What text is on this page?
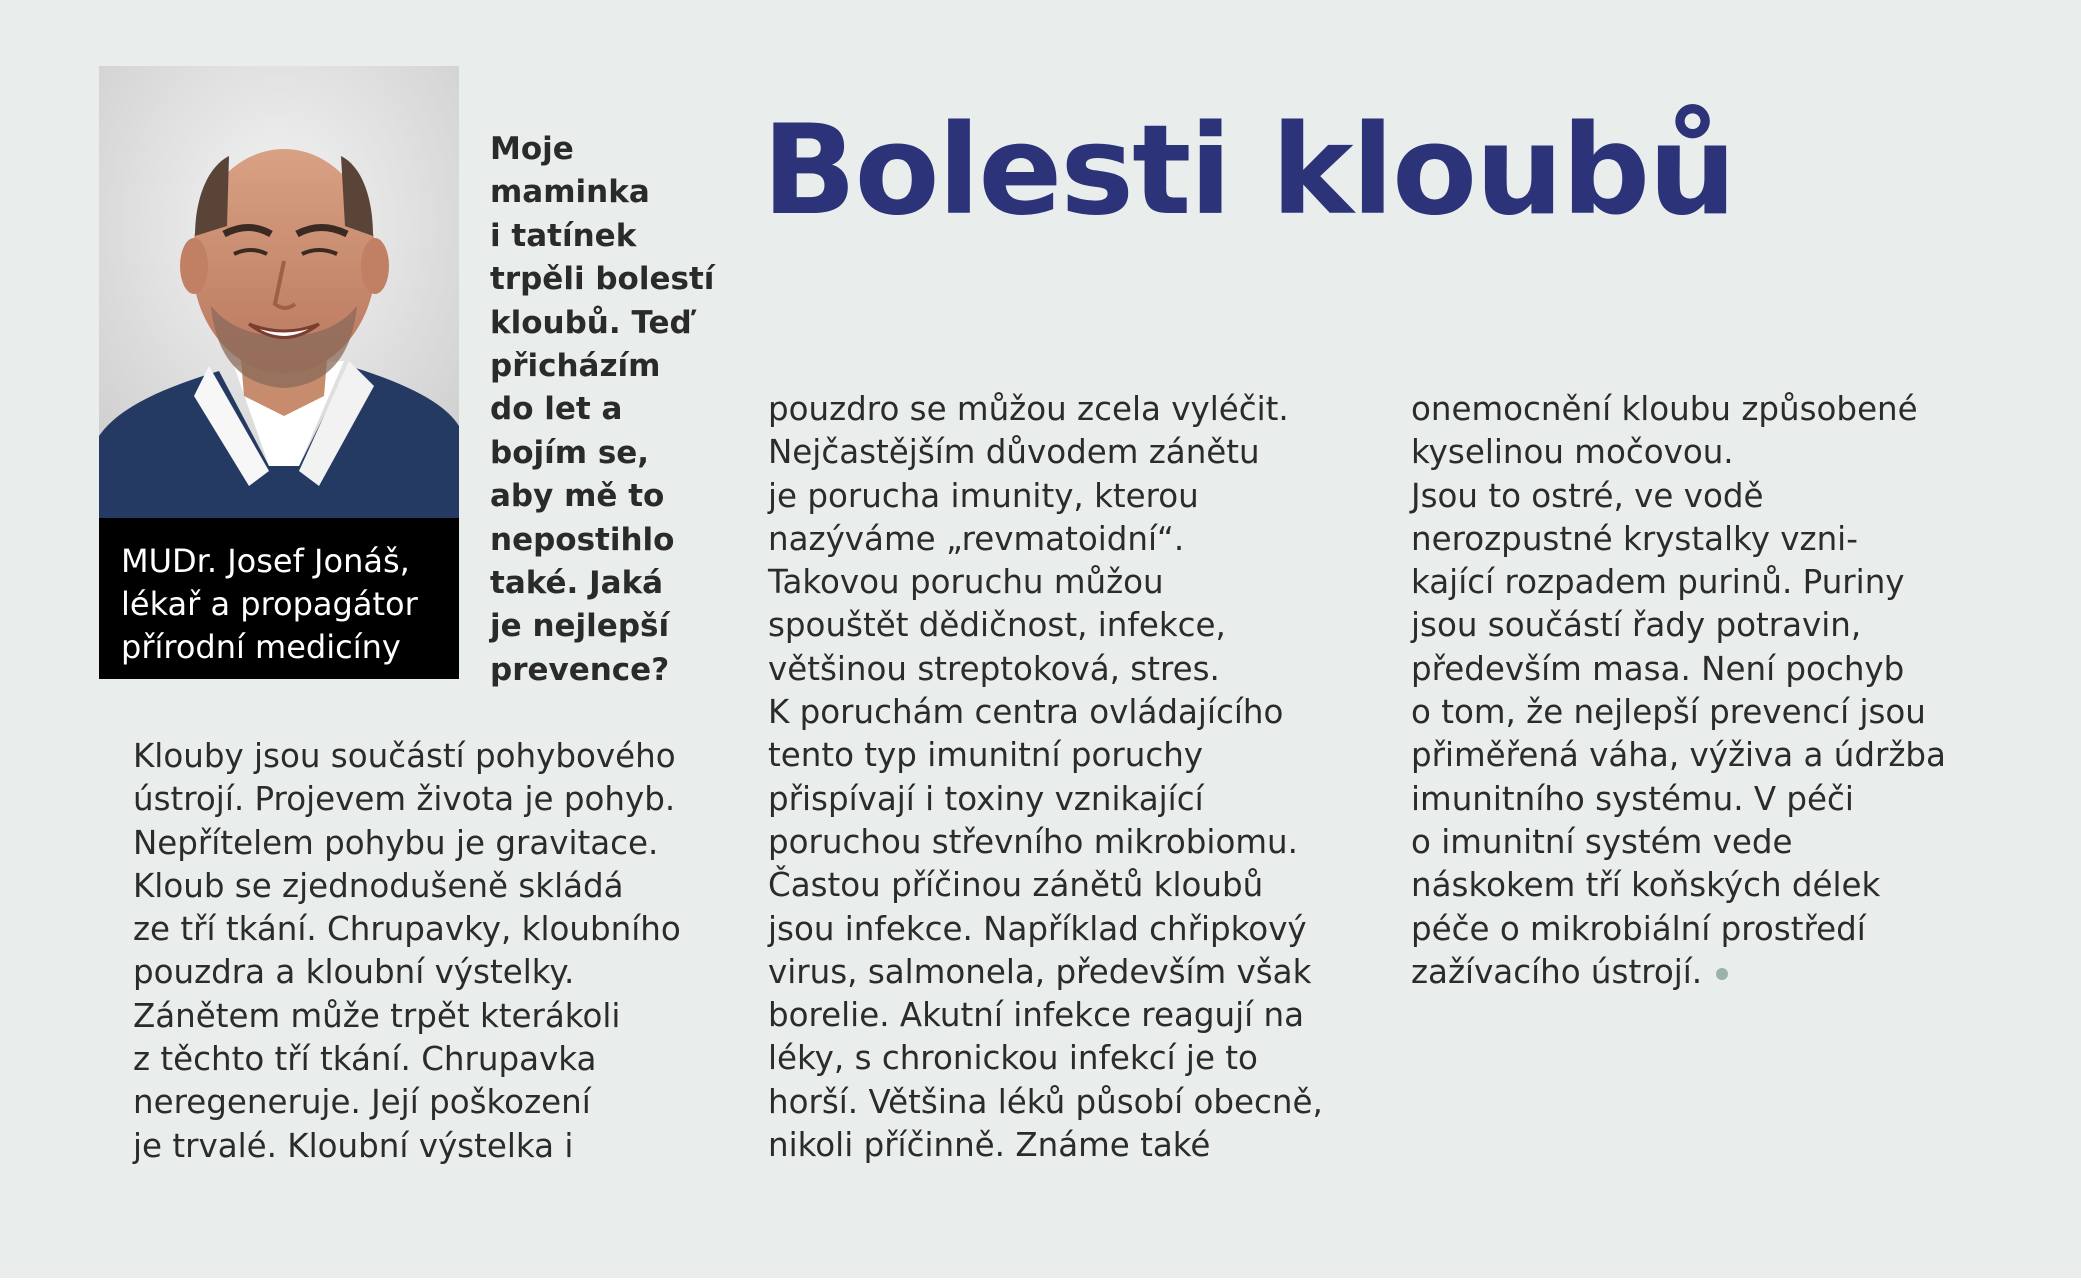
MUDr. Josef Jonáš,
lékař a propagátor
přírodní medicíny
Moje
maminka
i tatínek
trpěli bolestí
kloubů. Teď
přicházím
do let a
bojím se,
aby mě to
nepostihlo
také. Jaká
je nejlepší
prevence?
Bolesti kloubů
Klouby jsou součástí pohybového
ústrojí. Projevem života je pohyb.
Nepřítelem pohybu je gravitace.
Kloub se zjednodušeně skládá
ze tří tkání. Chrupavky, kloubního
pouzdra a kloubní výstelky.
Zánětem může trpět kterákoli
z těchto tří tkání. Chrupavka
neregeneruje. Její poškození
je trvalé. Kloubní výstelka i
pouzdro se můžou zcela vyléčit.
Nejčastějším důvodem zánětu
je porucha imunity, kterou
nazýváme „revmatoidní“.
Takovou poruchu můžou
spouštět dědičnost, infekce,
většinou streptoková, stres.
K poruchám centra ovládajícího
tento typ imunitní poruchy
přispívají i toxiny vznikající
poruchou střevního mikrobiomu.
Častou příčinou zánětů kloubů
jsou infekce. Například chřipkový
virus, salmonela, především však
borelie. Akutní infekce reagují na
léky, s chronickou infekcí je to
horší. Většina léků působí obecně,
nikoli příčinně. Známe také
onemocnění kloubu způsobené
kyselinou močovou.
Jsou to ostré, ve vodě
nerozpustné krystalky vzni-
kající rozpadem purinů. Puriny
jsou součástí řady potravin,
především masa. Není pochyb
o tom, že nejlepší prevencí jsou
přiměřená váha, výživa a údržba
imunitního systému. V péči
o imunitní systém vede
náskokem tří koňských délek
péče o mikrobiální prostředí
zažívacího ústrojí.
